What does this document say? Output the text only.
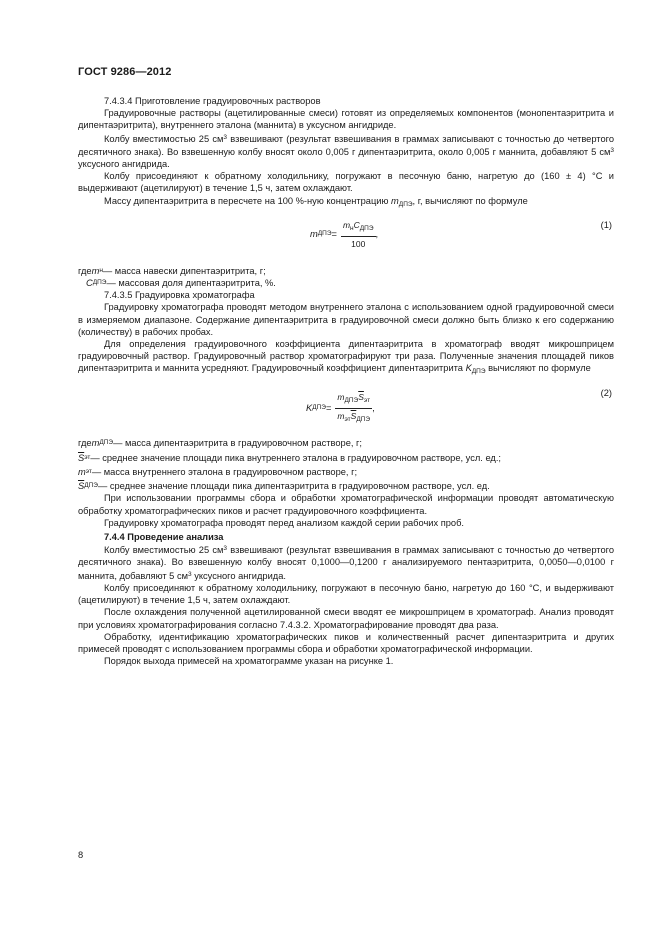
ГОСТ 9286—2012

7.4.3.4 Приготовление градуировочных растворов

Градуировочные растворы (ацетилированные смеси) готовят из определяемых компонентов (монопентаэритрита и дипентаэритрита), внутреннего эталона (маннита) в уксусном ангидриде.

Колбу вместимостью 25 $см^3$ взвешивают (результат взвешивания в граммах записывают с точностью до четвертого десятичного знака). Во взвешенную колбу вносят около 0,005 г дипентаэритрита, около 0,005 г маннита, добавляют 5 $см^3$ уксусного ангидрида.

Колбу присоединяют к обратному холодильнику, погружают в песочную баню, нагретую до (160 ± 4) °С и выдерживают (ацетилируют) в течение 1,5 ч, затем охлаждают.

Массу дипентаэритрита в пересчете на 100 %-ную концентрацию $m_{ДПЭ}$, г, вычисляют по формуле

m ДПЭ = $\frac{m_нC_{ДПЭ}}{100}$ ,
(1)
где m н — масса навески дипентаэритрита, г;
C ДПЭ — массовая доля дипентаэритрита, %.

7.4.3.5 Градуировка хроматографа

Градуировку хроматографа проводят методом внутреннего эталона с использованием одной градуировочной смеси в измеряемом диапазоне. Содержание дипентаэритрита в градуировочной смеси должно быть близко к его содержанию (количеству) в рабочих пробах.

Для определения градуировочного коэффициента дипентаэритрита в хроматограф вводят микрошприцем градуировочный раствор. Градуировочный раствор хроматографируют три раза. Полученные значения площадей пиков дипентаэритрита и маннита усредняют. Градуировочный коэффициент дипентаэритрита $K_{ДПЭ}$ вычисляют по формуле

K ДПЭ = $\frac{m_{ДПЭ}\overline{S}_{эт}}{m_{эт}\overline{S}_{ДПЭ}}$ ,
(2)
где m ДПЭ — масса дипентаэритрита в градуировочном растворе, г;
$\overline{S}$ эт — среднее значение площади пика внутреннего эталона в градуировочном растворе, усл. ед.;
m эт — масса внутреннего эталона в градуировочном растворе, г;
$\overline{S}$ ДПЭ — среднее значение площади пика дипентаэритрита в градуировочном растворе, усл. ед.

При использовании программы сбора и обработки хроматографической информации проводят автоматическую обработку хроматографических пиков и расчет градуировочного коэффициента.

Градуировку хроматографа проводят перед анализом каждой серии рабочих проб.

7.4.4 Проведение анализа

Колбу вместимостью 25 $см^3$ взвешивают (результат взвешивания в граммах записывают с точностью до четвертого десятичного знака). Во взвешенную колбу вносят 0,1000—0,1200 г анализируемого пентаэритрита, 0,0050—0,0100 г маннита, добавляют 5 $см^3$ уксусного ангидрида.

Колбу присоединяют к обратному холодильнику, погружают в песочную баню, нагретую до 160 °С, и выдерживают (ацетилируют) в течение 1,5 ч, затем охлаждают.

После охлаждения полученной ацетилированной смеси вводят ее микрошприцем в хроматограф. Анализ проводят при условиях хроматографирования согласно 7.4.3.2. Хроматографирование проводят два раза.

Обработку, идентификацию хроматографических пиков и количественный расчет дипентаэритрита и других примесей проводят с использованием программы сбора и обработки хроматографической информации.

Порядок выхода примесей на хроматограмме указан на рисунке 1.

8
